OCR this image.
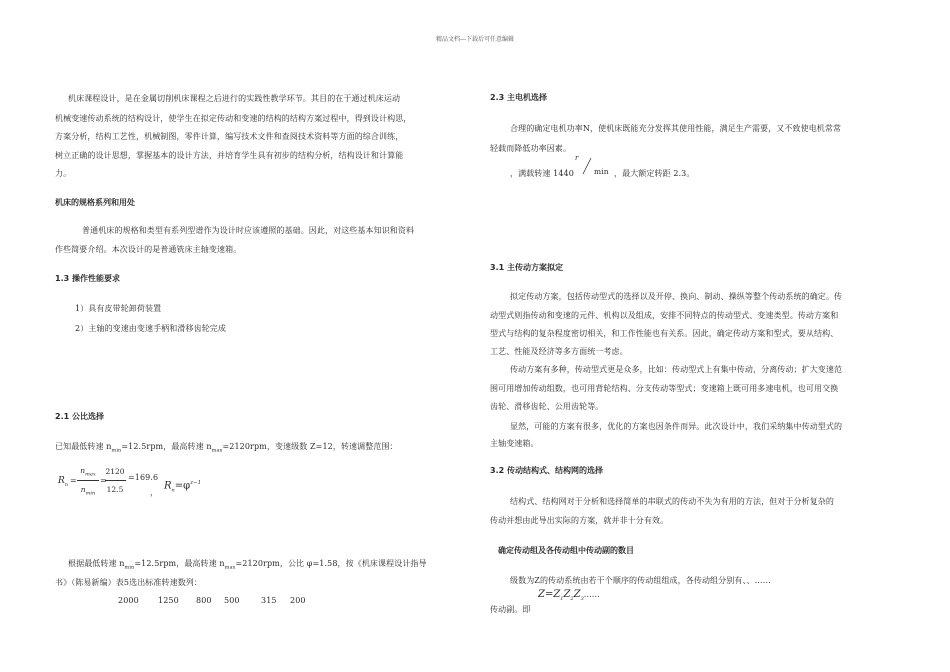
精品文档---下载后可任意编辑
机床课程设计，是在金属切削机床课程之后进行的实践性教学环节。其目的在于通过机床运动
机械变速传动系统的结构设计，使学生在拟定传动和变速的结构的结构方案过程中，得到设计构思，
方案分析，结构工艺性，机械制图，零件计算，编写技术文件和查阅技术资料等方面的综合训练，
树立正确的设计思想，掌握基本的设计方法，并培育学生具有初步的结构分析，结构设计和计算能
力。
机床的规格系列和用处
普通机床的规格和类型有系列型谱作为设计时应该遵照的基础。因此，对这些基本知识和资料
作些简要介绍。本次设计的是普通铣床主轴变速箱。
1.3 操作性能要求
1）具有皮带轮卸荷装置
2）主轴的变速由变速手柄和滑移齿轮完成
2.1 公比选择
已知最低转速 $n_{min}=12.5rpm$，最高转速 $n_{max}=2120rpm$，变速级数 Z=12，转速调整范围：
$R_n$ =
$n_{max}$
$n_{min}$
=
2120
12.5
=169.6
，
$R_n=\varphi^{z-1}$
根据最低转速 $n_{min}=12.5rpm$，最高转速 $n_{max}=2120rpm$，公比 φ=1.58，按《机床课程设计指导
书》（陈易新编）表5选出标准转速数列：
2000 1250 800 500	315 200
2.3 主电机选择
合理的确定电机功率N，使机床既能充分发挥其使用性能，满足生产需要，又不致使电机常常
轻载而降低功率因素。
，满载转速 1440
r
min ，最大额定转距 2.3。
3.1 主传动方案拟定
拟定传动方案，包括传动型式的选择以及开停、换向、制动、操纵等整个传动系统的确定。传
动型式则指传动和变速的元件、机构以及组成，安排不同特点的传动型式、变速类型。传动方案和
型式与结构的复杂程度密切相关，和工作性能也有关系。因此，确定传动方案和型式，要从结构、
工艺、性能及经济等多方面统一考虑。
传动方案有多种，传动型式更是众多，比如：传动型式上有集中传动，分离传动；扩大变速范
围可用增加传动组数，也可用背轮结构、分支传动等型式；变速箱上既可用多速电机，也可用交换
齿轮、滑移齿轮、公用齿轮等。
显然，可能的方案有很多，优化的方案也因条件而异。此次设计中，我们采纳集中传动型式的
主轴变速箱。
3.2 传动结构式、结构网的选择
结构式、结构网对于分析和选择简单的串联式的传动不失为有用的方法，但对于分析复杂的
传动并想由此导出实际的方案，就并非十分有效。
确定传动组及各传动组中传动副的数目
级数为Z的传动系统由若干个顺序的传动组组成，各传动组分别有、、……
传动副。即
$Z=Z_1Z_2Z_3\dots\dots$
